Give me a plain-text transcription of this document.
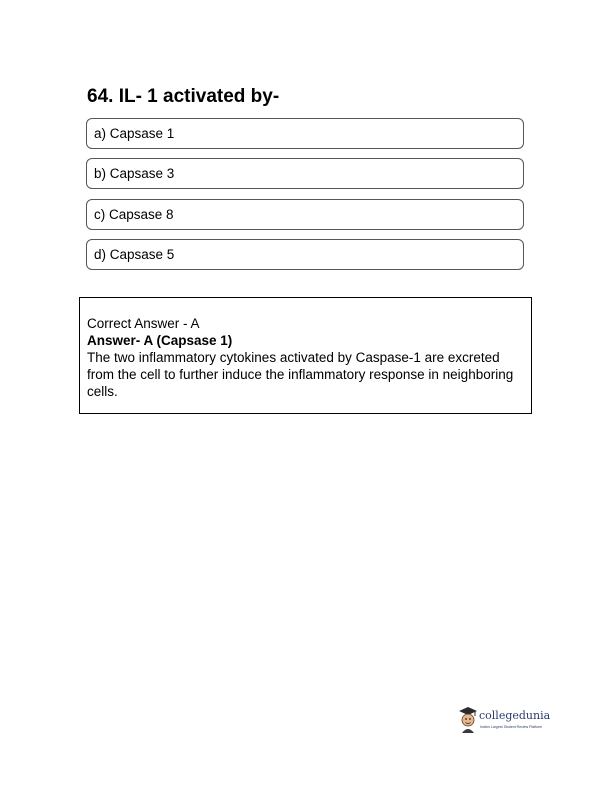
64. IL- 1 activated by-
a) Capsase 1
b) Capsase 3
c) Capsase 8
d) Capsase 5
Correct Answer - A
Answer- A (Capsase 1)
The two inflammatory cytokines activated by Caspase-1 are excreted from the cell to further induce the inflammatory response in neighboring cells.
collegedunia
India's Largest Student Review Platform
